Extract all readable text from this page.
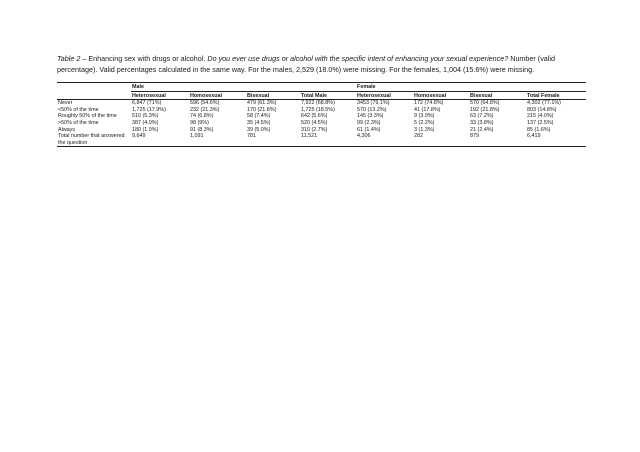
Table 2 – Enhancing sex with drugs or alcohol. Do you ever use drugs or alcohol with the specific intent of enhancing your sexual experience? Number (valid percentage). Valid percentages calculated in the same way. For the males, 2,529 (18.0%) were missing. For the females, 1,004 (15.6%) were missing.
	Male				Female			
	Heterosexual	Homosexual	Bisexual	Total Male	Heterosexual	Homosexual	Bisexual	Total Female
Never	6,847 (71%)	596 (54.6%)	479 (61.3%)	7,922 (68.8%)	3453 (79.1%)	172 (74.8%)	570 (64.8%)	4,302 (77.1%)
<50% of the time	1,725 (17.9%)	232 (21.3%)	170 (21.8%)	1,725 (18.5%)	570 (13.2%)	41 (17.8%)	192 (21.8%)	803 (14.8%)
Roughly 50% of the time	510 (5.3%)	74 (6.8%)	58 (7.4%)	642 (5.6%)	145 (3.3%)	9 (3.9%)	63 (7.2%)	215 (4.0%)
>50% of the time	387 (4.0%)	98 (9%)	35 (4.5%)	520 (4.5%)	99 (2.3%)	5 (2.2%)	33 (3.8%)	137 (2.5%)
Always	180 (1.9%)	91 (8.3%)	39 (5.0%)	310 (2.7%)	61 (1.4%)	3 (1.3%)	21 (2.4%)	85 (1.6%)
Total number that answered the question	9,649	1,091	781	11,521	4,306	282	879	6,419
